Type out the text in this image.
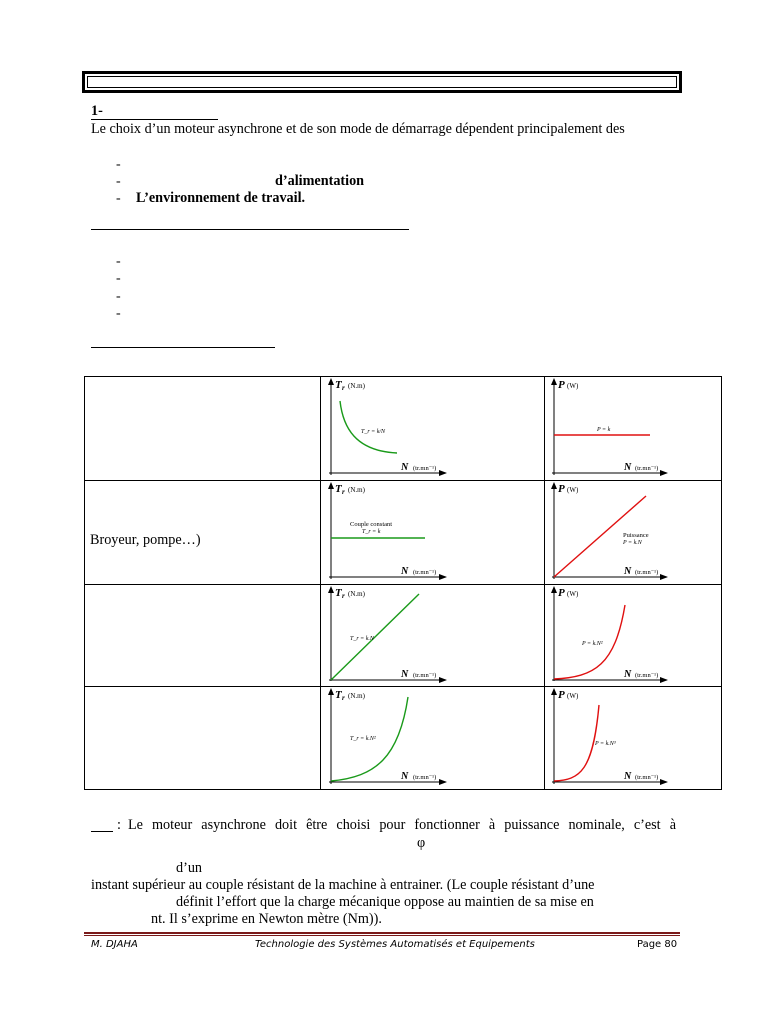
1-
Le choix d’un moteur asynchrone et de son mode de démarrage dépendent principalement des
-
-	d’alimentation
- L’environnement de travail.
-
-
-
-
Broyeur, pompe…)
T r (N.m)
N (tr.mn⁻¹)
T_r = k/N
P (W)
N (tr.mn⁻¹)
P = k
T r (N.m)
N (tr.mn⁻¹)
Couple constant
T_r = k
P (W)
N (tr.mn⁻¹)
Puissance
P = k.N
T r (N.m)
N (tr.mn⁻¹)
T_r = k.N
P (W)
N (tr.mn⁻¹)
P = k.N²
T r (N.m)
N (tr.mn⁻¹)
T_r = k.N²
P (W)
N (tr.mn⁻¹)
P = k.N³
: Le moteur asynchrone doit être choisi pour fonctionner à puissance nominale, c’est à
φ
d’un
instant supérieur au couple résistant de la machine à entrainer. (Le couple résistant d’une
définit l’effort que la charge mécanique oppose au maintien de sa mise en
nt. Il s’exprime en Newton mètre (Nm)).
M. DJAHA	Technologie des Systèmes Automatisés et Equipements	Page 80
